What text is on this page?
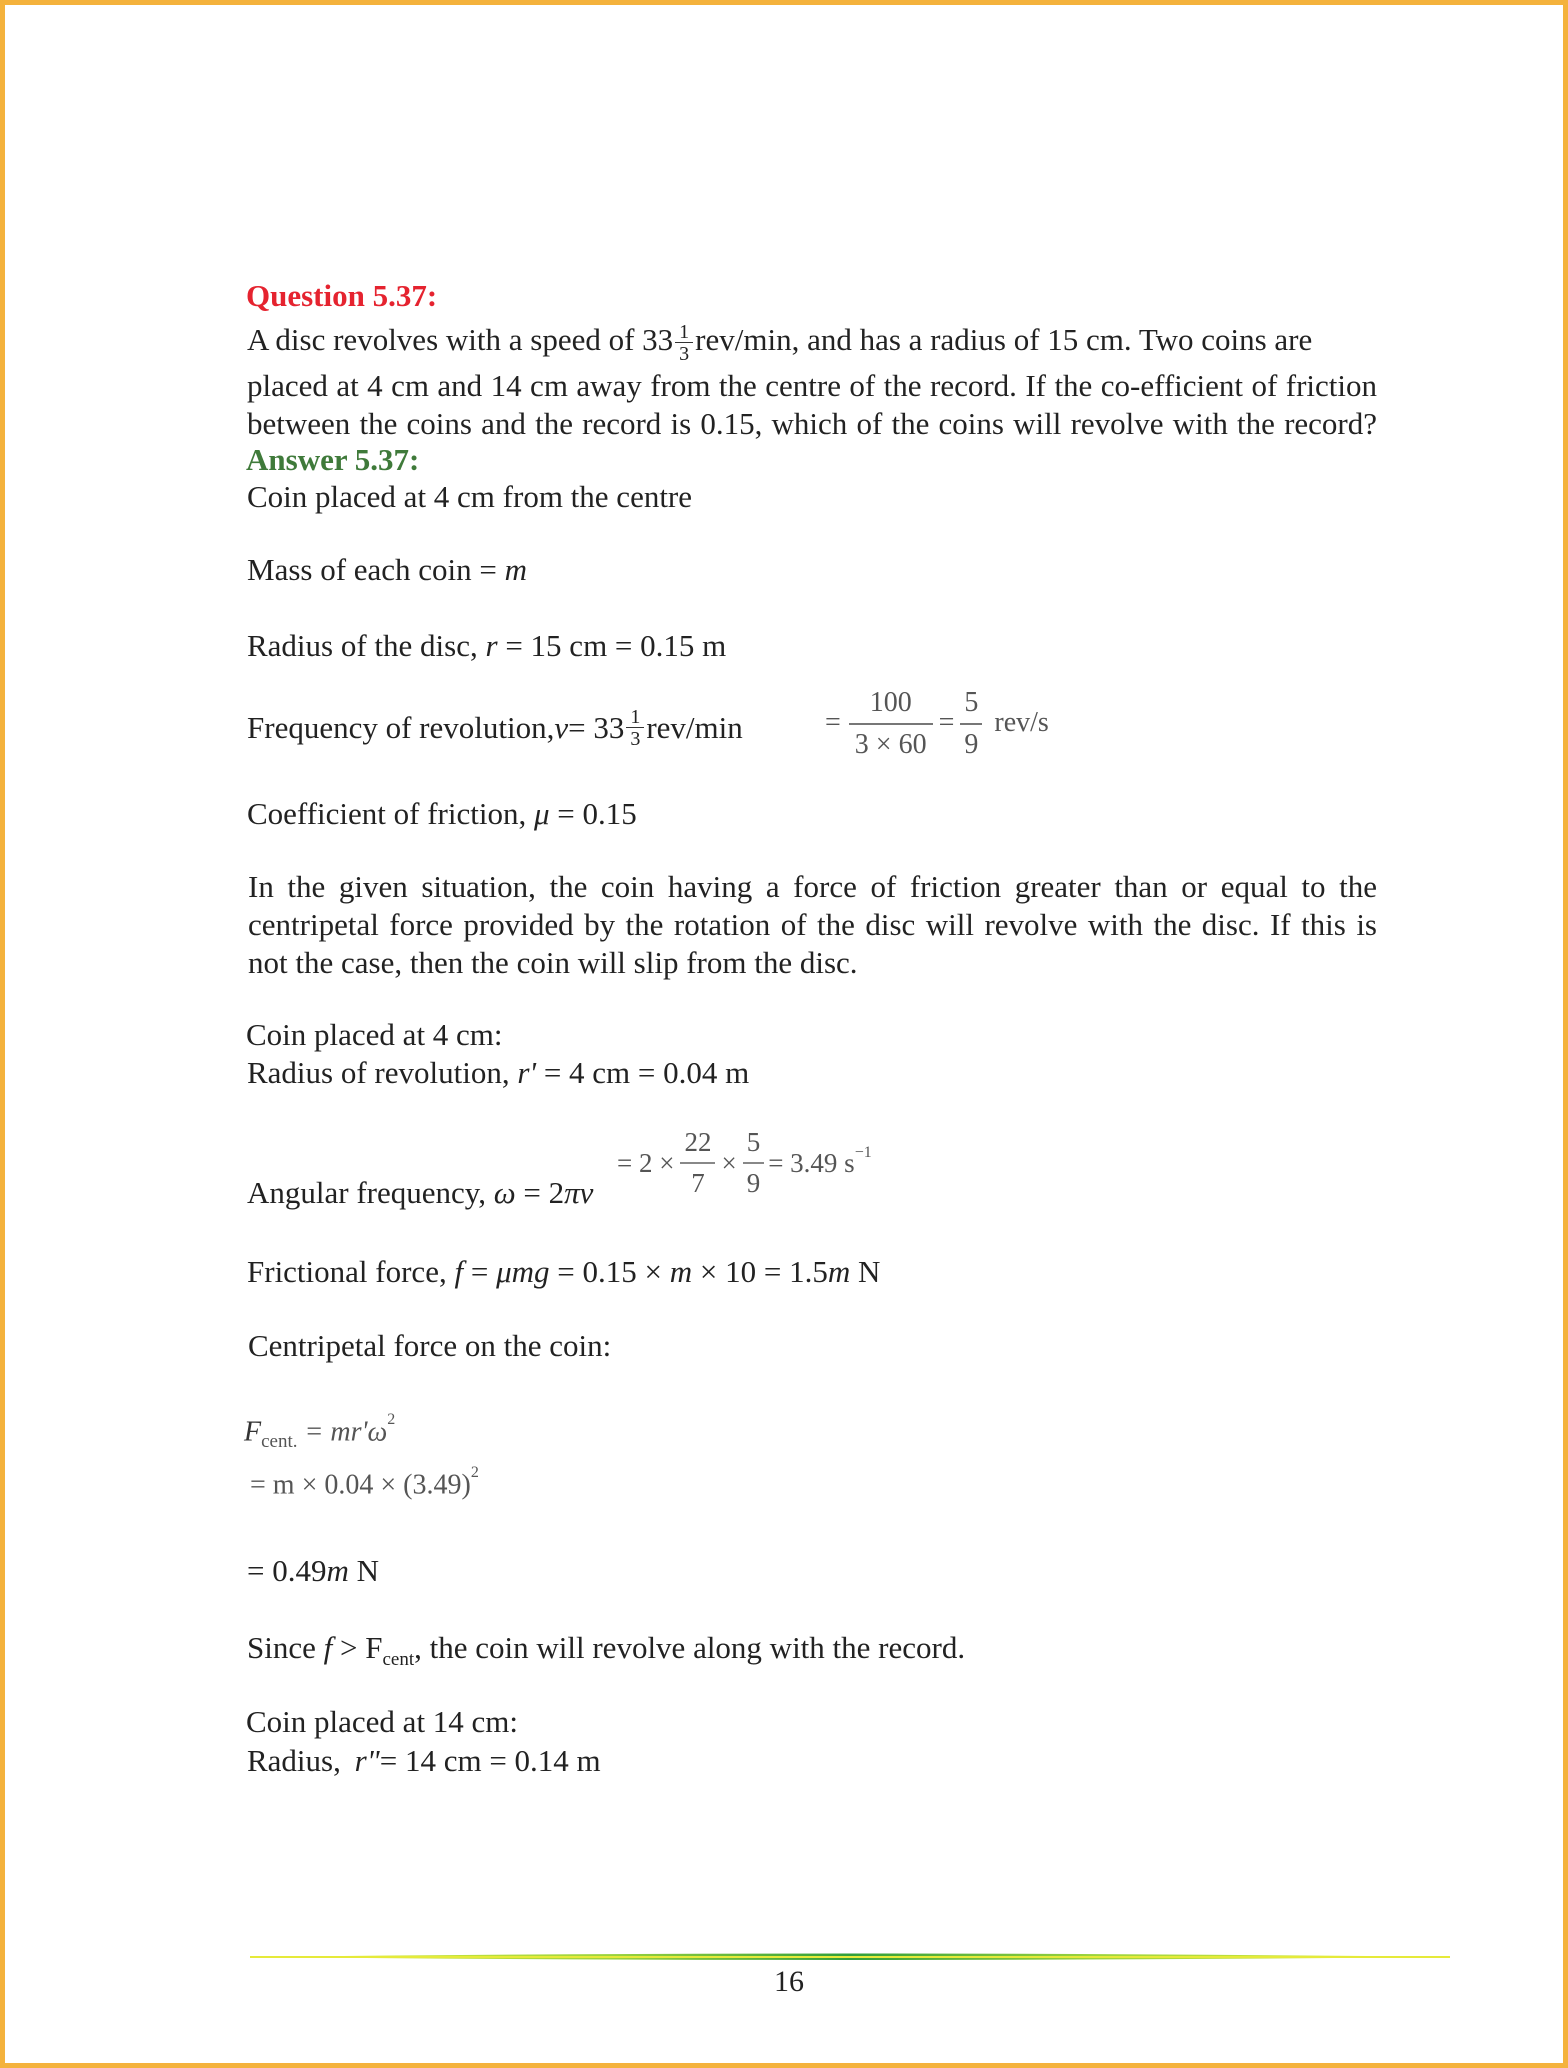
Question 5.37:
A disc revolves with a speed of $33 \frac{1}{3} rev/\min$, and has a radius of 15 cm. Two coins are
placed at 4 cm and 14 cm away from the centre of the record. If the co-efficient of friction
between the coins and the record is 0.15, which of the coins will revolve with the record?
Answer 5.37:
Coin placed at 4 cm from the centre
Mass of each coin = m
Radius of the disc, r = 15 cm = 0.15 m
Frequency of revolution, $v = 33 \frac{1}{3} rev/\min$	= $\frac{100}{3 \times 60} = \frac{5}{9} rev/s$
Coefficient of friction, μ = 0.15
In the given situation, the coin having a force of friction greater than or equal to the
centripetal force provided by the rotation of the disc will revolve with the disc. If this is
not the case, then the coin will slip from the disc.
Coin placed at 4 cm:
Radius of revolution, r' = 4 cm = 0.04 m
= $2 \times \frac{22}{7} \times \frac{5}{9} = 3.49$ $s^{-1}$
Angular frequency, ω = 2πv
Frictional force, f = μmg = 0.15 × m × 10 = 1.5m N
Centripetal force on the coin:
$F_{cent.} = mr'\omega^2$
= $m \times 0.04 \times (3.49)^2$
= 0.49m N
Since $f > F_{cent}$, the coin will revolve along with the record.
Coin placed at 14 cm:
Radius, r"= 14 cm = 0.14 m
16
